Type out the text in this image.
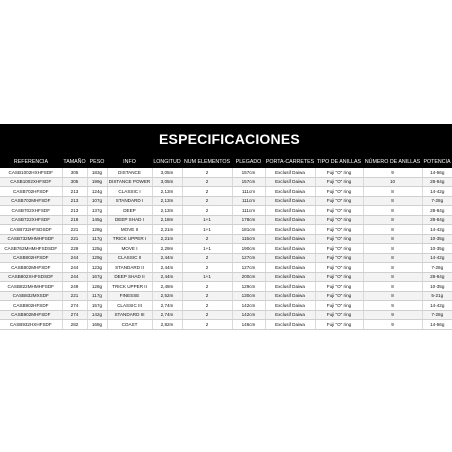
ESPECIFICACIONES
REFERENCIA	TAMAÑO	PESO	INFO	LONGITUD	NUM ELEMENTOS	PLEGADO	PORTA-CARRETES	TIPO DE ANILLAS	NÚMERO DE ANILLAS	POTENCIA
CASB1002HXHFSDF	305	183g	DISTANCE	3,05m	2	157cm	Exclusif Daiwa	Fuji "O" ring	9	14-56g
CASB1002XHFSDF	305	199g	DISTANCE POWER	3,05m	2	157cm	Exclusif Daiwa	Fuji "O" ring	10	28-84g
CASB702HFSDF	213	124g	CLASSIC I	2,13m	2	111cm	Exclusif Daiwa	Fuji "O" ring	8	14-42g
CASB702MHFSDF	213	107g	STANDARD I	2,13m	2	111cm	Exclusif Daiwa	Fuji "O" ring	8	7-28g
CASB702XHFSDF	213	137g	DEEP	2,13m	2	111cm	Exclusif Daiwa	Fuji "O" ring	8	28-84g
CASB722XHFSDF	218	145g	DEEP SHAD I	2,18m	1+1	178cm	Exclusif Daiwa	Fuji "O" ring	8	28-84g
CASB732HFSDSDF	221	128g	MOVE II	2,21m	1+1	181cm	Exclusif Daiwa	Fuji "O" ring	8	14-42g
CASB732MHMHFSDF	221	117g	TRICK UPPER I	2,21m	2	115cm	Exclusif Daiwa	Fuji "O" ring	8	10-35g
CASB762MHMHFSDSDF	229	125g	MOVE I	2,29m	1+1	190cm	Exclusif Daiwa	Fuji "O" ring	8	10-35g
CASB802HFSDF	244	129g	CLASSIC II	2,44m	2	127cm	Exclusif Daiwa	Fuji "O" ring	8	14-42g
CASB802MHFSDF	244	123g	STANDARD II	2,44m	2	127cm	Exclusif Daiwa	Fuji "O" ring	8	7-28g
CASB802XHFSDSDF	244	167g	DEEP SHAD II	2,44m	1+1	200cm	Exclusif Daiwa	Fuji "O" ring	8	28-84g
CASB822MHMHFSDF	249	128g	TRICK UPPER II	2,49m	2	129cm	Exclusif Daiwa	Fuji "O" ring	8	10-35g
CASB832MXSDF	221	117g	FINESSE	2,52m	2	130cm	Exclusif Daiwa	Fuji "O" ring	8	5-21g
CASB902HFSDF	274	157g	CLASSIC III	2,74m	2	142cm	Exclusif Daiwa	Fuji "O" ring	9	14-42g
CASB902MHFSDF	274	142g	STANDARD III	2,74m	2	142cm	Exclusif Daiwa	Fuji "O" ring	9	7-28g
CASB932HXHFSDF	282	168g	COAST	2,82m	2	146cm	Exclusif Daiwa	Fuji "O" ring	9	14-56g
